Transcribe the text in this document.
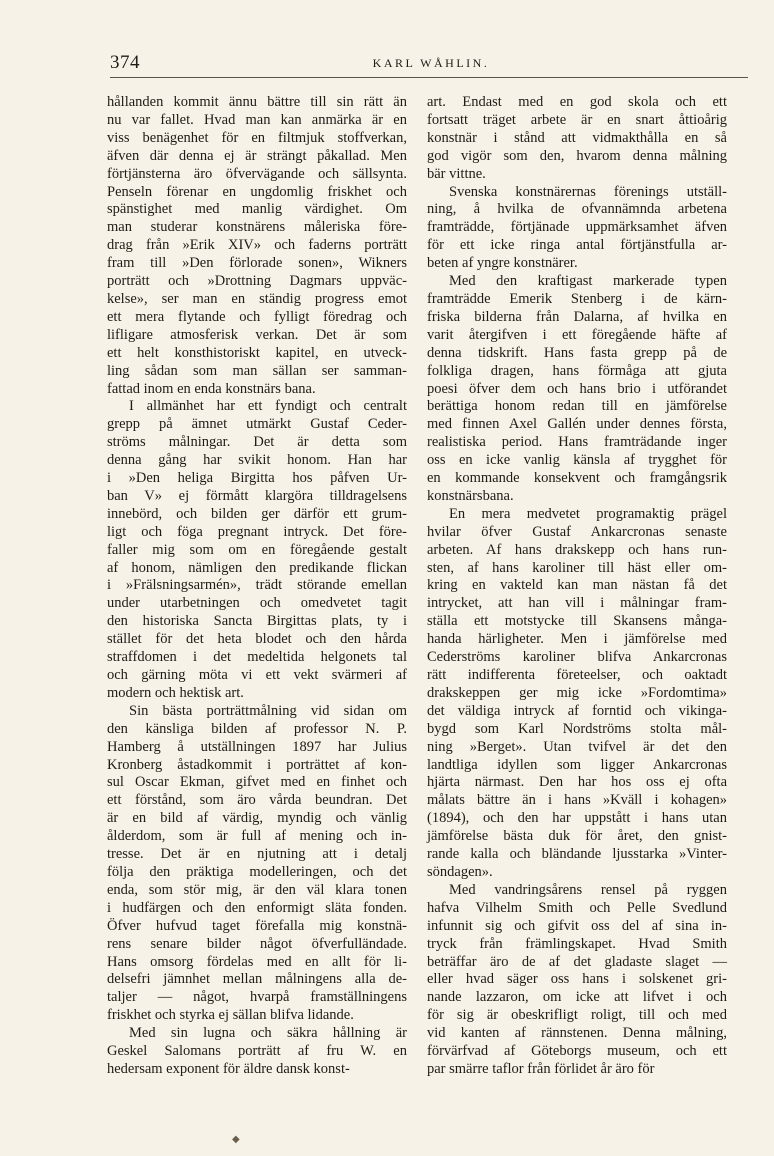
374	KARL WÅHLIN.

hållanden kommit ännu bättre till sin rätt än
nu var fallet. Hvad man kan anmärka är en
viss benägenhet för en filtmjuk stoffverkan,
äfven där denna ej är strängt påkallad. Men
förtjänsterna äro öfvervägande och sällsynta.
Penseln förenar en ungdomlig friskhet och
spänstighet med manlig värdighet. Om
man studerar konstnärens måleriska före-
drag från »Erik XIV» och faderns porträtt
fram till »Den förlorade sonen», Wikners
porträtt och »Drottning Dagmars uppväc-
kelse», ser man en ständig progress emot
ett mera flytande och fylligt föredrag och
lifligare atmosferisk verkan. Det är som
ett helt konsthistoriskt kapitel, en utveck-
ling sådan som man sällan ser samman-
fattad inom en enda konstnärs bana.

I allmänhet har ett fyndigt och centralt
grepp på ämnet utmärkt Gustaf Ceder-
ströms målningar. Det är detta som
denna gång har svikit honom. Han har
i »Den heliga Birgitta hos påfven Ur-
ban V» ej förmått klargöra tilldragelsens
innebörd, och bilden ger därför ett grum-
ligt och föga pregnant intryck. Det före-
faller mig som om en föregående gestalt
af honom, nämligen den predikande flickan
i »Frälsningsarmén», trädt störande emellan
under utarbetningen och omedvetet tagit
den historiska Sancta Birgittas plats, ty i
stället för det heta blodet och den hårda
straffdomen i det medeltida helgonets tal
och gärning möta vi ett vekt svärmeri af
modern och hektisk art.

Sin bästa porträttmålning vid sidan om
den känsliga bilden af professor N. P.
Hamberg å utställningen 1897 har Julius
Kronberg åstadkommit i porträttet af kon-
sul Oscar Ekman, gifvet med en finhet och
ett förstånd, som äro vårda beundran. Det
är en bild af värdig, myndig och vänlig
ålderdom, som är full af mening och in-
tresse. Det är en njutning att i detalj
följa den präktiga modelleringen, och det
enda, som stör mig, är den väl klara tonen
i hudfärgen och den enformigt släta fonden.
Öfver hufvud taget förefalla mig konstnä-
rens senare bilder något öfverfulländade.
Hans omsorg fördelas med en allt för li-
delsefri jämnhet mellan målningens alla de-
taljer — något, hvarpå framställningens
friskhet och styrka ej sällan blifva lidande.

Med sin lugna och säkra hållning är
Geskel Salomans porträtt af fru W. en
hedersam exponent för äldre dansk konst-

art. Endast med en god skola och ett
fortsatt träget arbete är en snart åttioårig
konstnär i stånd att vidmakthålla en så
god vigör som den, hvarom denna målning
bär vittne.

Svenska konstnärernas förenings utställ-
ning, å hvilka de ofvannämnda arbetena
framträdde, förtjänade uppmärksamhet äfven
för ett icke ringa antal förtjänstfulla ar-
beten af yngre konstnärer.

Med den kraftigast markerade typen
framträdde Emerik Stenberg i de kärn-
friska bilderna från Dalarna, af hvilka en
varit återgifven i ett föregående häfte af
denna tidskrift. Hans fasta grepp på de
folkliga dragen, hans förmåga att gjuta
poesi öfver dem och hans brio i utförandet
berättiga honom redan till en jämförelse
med finnen Axel Gallén under dennes första,
realistiska period. Hans framträdande inger
oss en icke vanlig känsla af trygghet för
en kommande konsekvent och framgångsrik
konstnärsbana.

En mera medvetet programaktig prägel
hvilar öfver Gustaf Ankarcronas senaste
arbeten. Af hans drakskepp och hans run-
sten, af hans karoliner till häst eller om-
kring en vakteld kan man nästan få det
intrycket, att han vill i målningar fram-
ställa ett motstycke till Skansens många-
handa härligheter. Men i jämförelse med
Cederströms karoliner blifva Ankarcronas
rätt indifferenta företeelser, och oaktadt
drakskeppen ger mig icke »Fordomtima»
det väldiga intryck af forntid och vikinga-
bygd som Karl Nordströms stolta mål-
ning »Berget». Utan tvifvel är det den
landtliga idyllen som ligger Ankarcronas
hjärta närmast. Den har hos oss ej ofta
målats bättre än i hans »Kväll i kohagen»
(1894), och den har uppstått i hans utan
jämförelse bästa duk för året, den gnist-
rande kalla och bländande ljusstarka »Vinter-
söndagen».

Med vandringsårens rensel på ryggen
hafva Vilhelm Smith och Pelle Svedlund
infunnit sig och gifvit oss del af sina in-
tryck från främlingskapet. Hvad Smith
beträffar äro de af det gladaste slaget —
eller hvad säger oss hans i solskenet gri-
nande lazzaron, om icke att lifvet i och
för sig är obeskrifligt roligt, till och med
vid kanten af rännstenen. Denna målning,
förvärfvad af Göteborgs museum, och ett
par smärre taflor från förlidet år äro för

◆
